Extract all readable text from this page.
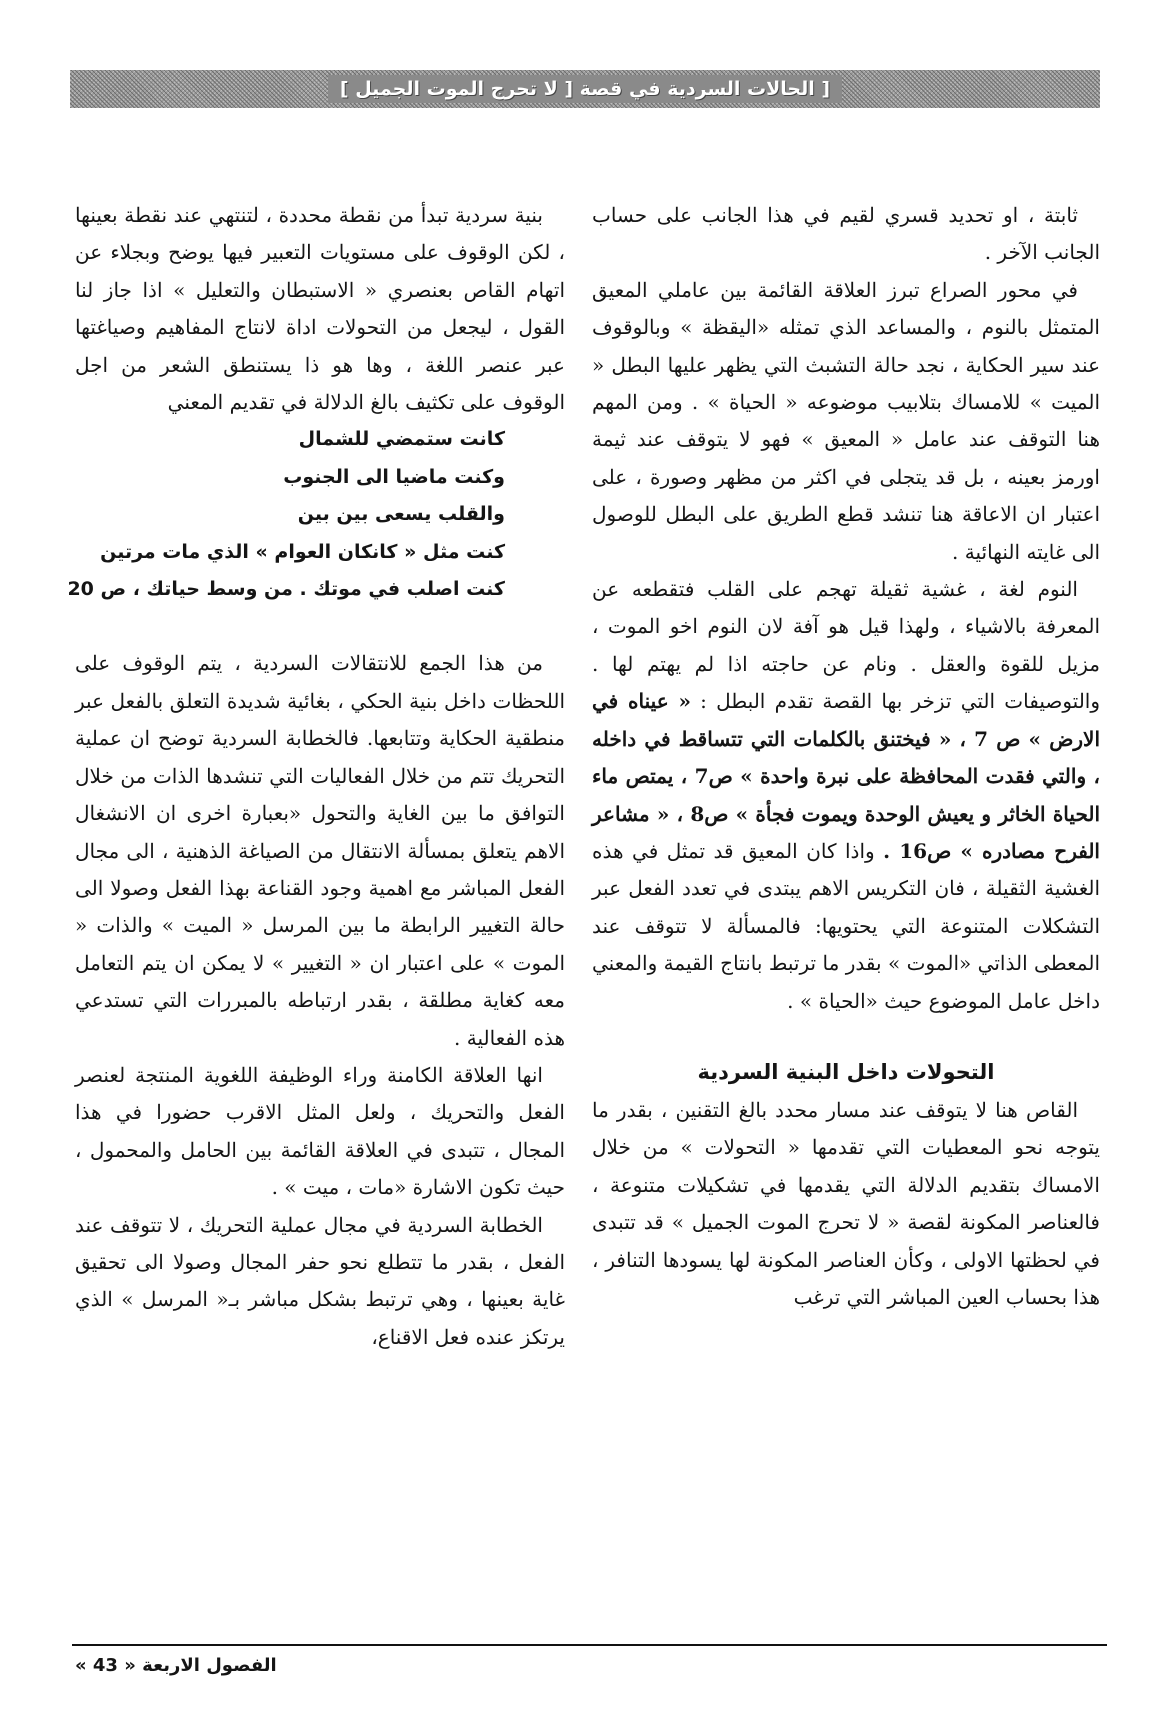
[ الحالات السردية في قصة [ لا تحرج الموت الجميل ]

ثابتة ، او تحديد قسري لقيم في هذا الجانب على حساب الجانب الآخر .

في محور الصراع تبرز العلاقة القائمة بين عاملي المعيق المتمثل بالنوم ، والمساعد الذي تمثله «اليقظة » وبالوقوف عند سير الحكاية ، نجد حالة التشبث التي يظهر عليها البطل « الميت » للامساك بتلابيب موضوعه « الحياة » . ومن المهم هنا التوقف عند عامل « المعيق » فهو لا يتوقف عند ثيمة اورمز بعينه ، بل قد يتجلى في اكثر من مظهر وصورة ، على اعتبار ان الاعاقة هنا تنشد قطع الطريق على البطل للوصول الى غايته النهائية .

النوم لغة ، غشية ثقيلة تهجم على القلب فتقطعه عن المعرفة بالاشياء ، ولهذا قيل هو آفة لان النوم اخو الموت ، مزيل للقوة والعقل . ونام عن حاجته اذا لم يهتم لها . والتوصيفات التي تزخر بها القصة تقدم البطل : « عيناه في الارض » ص 7 ، « فيختنق بالكلمات التي تتساقط في داخله ، والتي فقدت المحافظة على نبرة واحدة » ص7 ، يمتص ماء الحياة الخاثر و يعيش الوحدة ويموت فجأة » ص8 ، « مشاعر الفرح مصادره » ص16 . واذا كان المعيق قد تمثل في هذه الغشية الثقيلة ، فان التكريس الاهم يبتدى في تعدد الفعل عبر التشكلات المتنوعة التي يحتويها: فالمسألة لا تتوقف عند المعطى الذاتي «الموت » بقدر ما ترتبط بانتاج القيمة والمعني داخل عامل الموضوع حيث «الحياة » .

التحولات داخل البنية السردية

القاص هنا لا يتوقف عند مسار محدد بالغ التقنين ، بقدر ما يتوجه نحو المعطيات التي تقدمها « التحولات » من خلال الامساك بتقديم الدلالة التي يقدمها في تشكيلات متنوعة ، فالعناصر المكونة لقصة « لا تحرج الموت الجميل » قد تتبدى في لحظتها الاولى ، وكأن العناصر المكونة لها يسودها التنافر ، هذا بحساب العين المباشر التي ترغب

بنية سردية تبدأ من نقطة محددة ، لتنتهي عند نقطة بعينها ، لكن الوقوف على مستويات التعبير فيها يوضح وبجلاء عن اتهام القاص بعنصري « الاستبطان والتعليل » اذا جاز لنا القول ، ليجعل من التحولات اداة لانتاج المفاهيم وصياغتها عبر عنصر اللغة ، وها هو ذا يستنطق الشعر من اجل الوقوف على تكثيف بالغ الدلالة في تقديم المعني

كانت ستمضي للشمال
وكنت ماضيا الى الجنوب
والقلب يسعى بين بين
كنت مثل « كانكان العوام » الذي مات مرتين
كنت اصلب في موتك . من وسط حياتك ، ص 20

من هذا الجمع للانتقالات السردية ، يتم الوقوف على اللحظات داخل بنية الحكي ، بغائية شديدة التعلق بالفعل عبر منطقية الحكاية وتتابعها. فالخطابة السردية توضح ان عملية التحريك تتم من خلال الفعاليات التي تنشدها الذات من خلال التوافق ما بين الغاية والتحول «بعبارة اخرى ان الانشغال الاهم يتعلق بمسألة الانتقال من الصياغة الذهنية ، الى مجال الفعل المباشر مع اهمية وجود القناعة بهذا الفعل وصولا الى حالة التغيير الرابطة ما بين المرسل « الميت » والذات « الموت » على اعتبار ان « التغيير » لا يمكن ان يتم التعامل معه كغاية مطلقة ، بقدر ارتباطه بالمبررات التي تستدعي هذه الفعالية .

انها العلاقة الكامنة وراء الوظيفة اللغوية المنتجة لعنصر الفعل والتحريك ، ولعل المثل الاقرب حضورا في هذا المجال ، تتبدى في العلاقة القائمة بين الحامل والمحمول ، حيث تكون الاشارة «مات ، ميت » .

الخطابة السردية في مجال عملية التحريك ، لا تتوقف عند الفعل ، بقدر ما تتطلع نحو حفر المجال وصولا الى تحقيق غاية بعينها ، وهي ترتبط بشكل مباشر بـ« المرسل » الذي يرتكز عنده فعل الاقناع،

الفصول الاربعة « 43 »
